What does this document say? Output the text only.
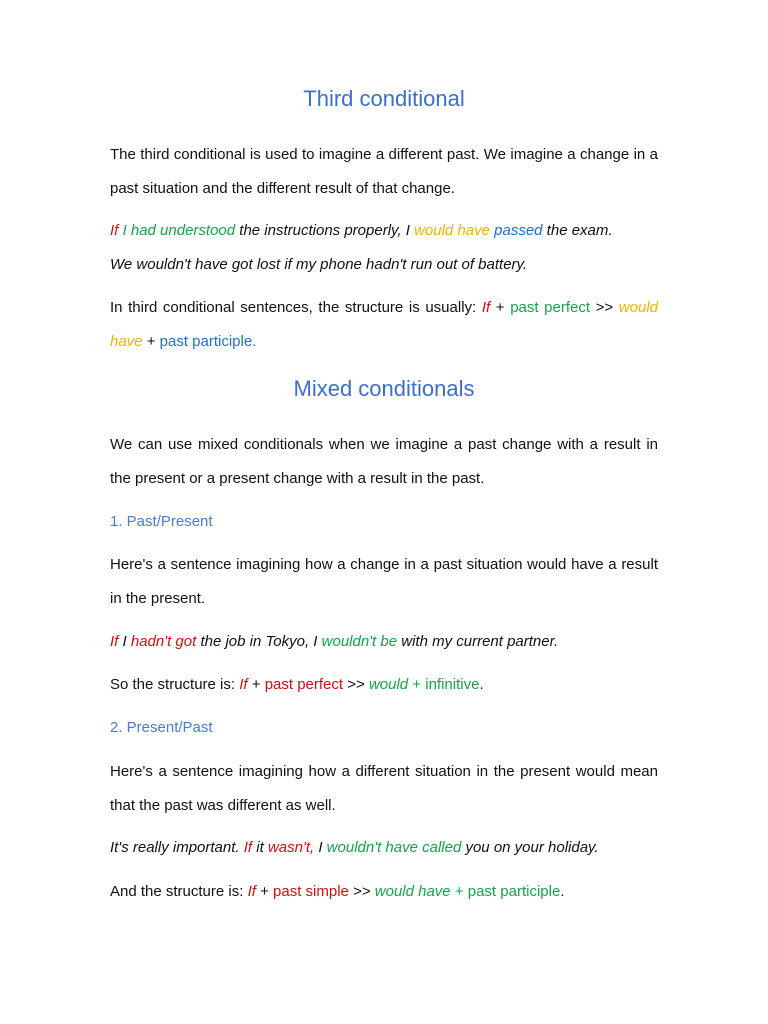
Third conditional

The third conditional is used to imagine a different past. We imagine a change in a past situation and the different result of that change.

If I had understood the instructions properly, I would have passed the exam.
We wouldn't have got lost if my phone hadn't run out of battery.

In third conditional sentences, the structure is usually: If + past perfect >> would have + past participle.

Mixed conditionals

We can use mixed conditionals when we imagine a past change with a result in the present or a present change with a result in the past.

1. Past/Present

Here's a sentence imagining how a change in a past situation would have a result in the present.

If I hadn't got the job in Tokyo, I wouldn't be with my current partner.

So the structure is: If + past perfect >> would + infinitive.

2. Present/Past

Here's a sentence imagining how a different situation in the present would mean that the past was different as well.

It's really important. If it wasn't, I wouldn't have called you on your holiday.

And the structure is: If + past simple >> would have + past participle.
